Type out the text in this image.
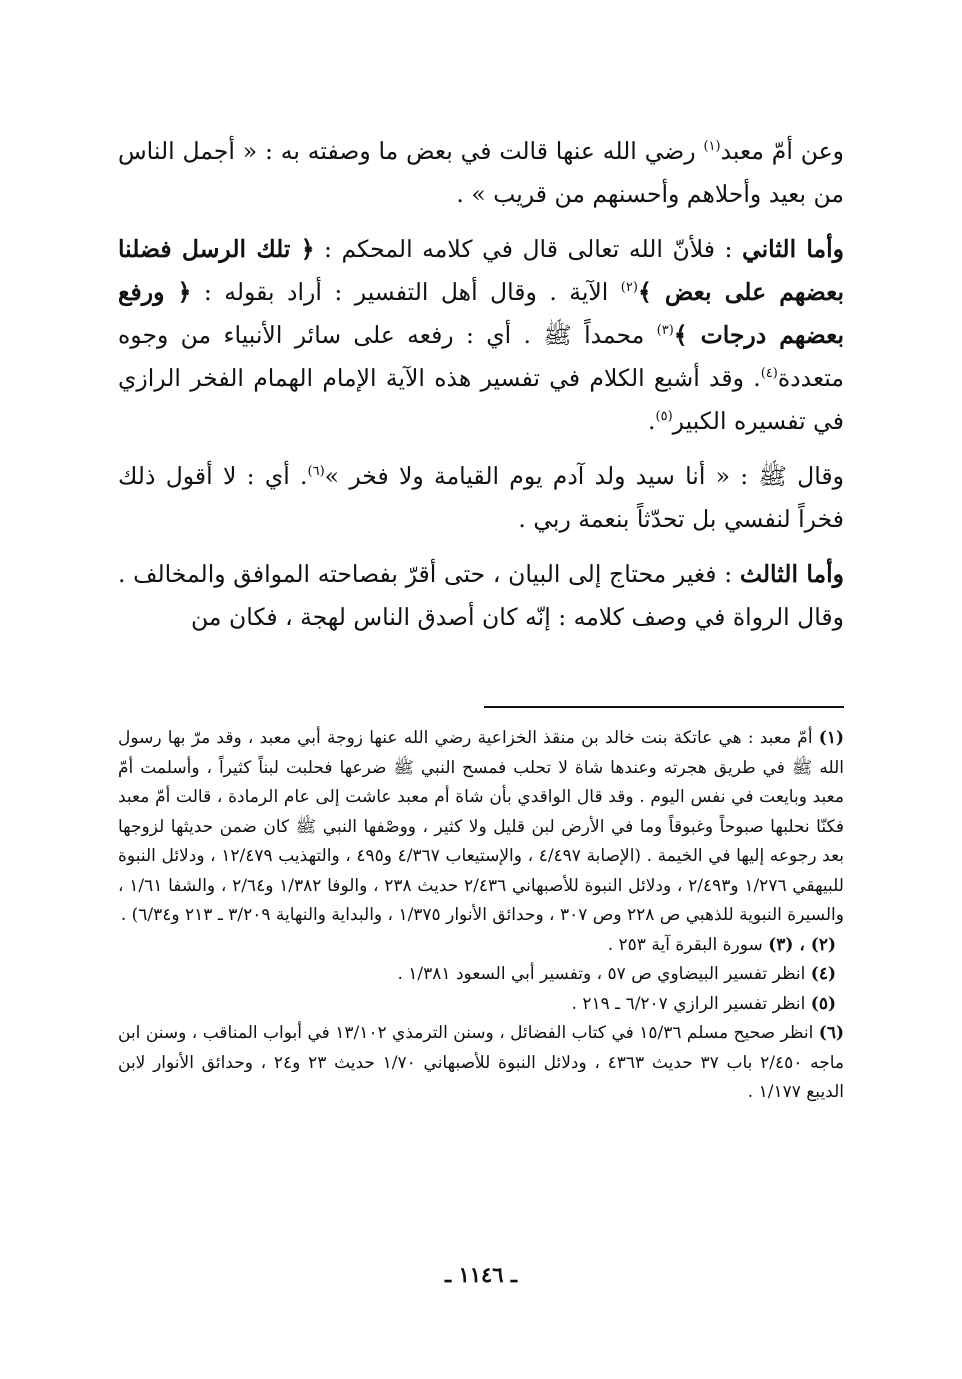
وعن أمّ معبد$^{(١)}$ رضي الله عنها قالت في بعض ما وصفته به : « أجمل الناس من بعيد وأحلاهم وأحسنهم من قريب » .

وأما الثاني : فلأنّ الله تعالى قال في كلامه المحكم : ﴿ تلك الرسل فضلنا بعضهم على بعض ﴾$^{(٢)}$ الآية . وقال أهل التفسير : أراد بقوله : ﴿ ورفع بعضهم درجات ﴾$^{(٣)}$ محمداً ﷺ . أي : رفعه على سائر الأنبياء من وجوه متعددة$^{(٤)}$. وقد أشبع الكلام في تفسير هذه الآية الإمام الهمام الفخر الرازي في تفسيره الكبير$^{(٥)}$.

وقال ﷺ : « أنا سيد ولد آدم يوم القيامة ولا فخر »$^{(٦)}$. أي : لا أقول ذلك فخراً لنفسي بل تحدّثاً بنعمة ربي .

وأما الثالث : فغير محتاج إلى البيان ، حتى أقرّ بفصاحته الموافق والمخالف . وقال الرواة في وصف كلامه : إنّه كان أصدق الناس لهجة ، فكان من

(١) أمّ معبد : هي عاتكة بنت خالد بن منقذ الخزاعية رضي الله عنها زوجة أبي معبد ، وقد مرّ بها رسول الله ﷺ في طريق هجرته وعندها شاة لا تحلب فمسح النبي ﷺ ضرعها فحلبت لبناً كثيراً ، وأسلمت أمّ معبد وبايعت في نفس اليوم . وقد قال الواقدي بأن شاة أم معبد عاشت إلى عام الرمادة ، قالت أمّ معبد فكنّا نحلبها صبوحاً وغبوقاً وما في الأرض لبن قليل ولا كثير ، ووصْفها النبي ﷺ كان ضمن حديثها لزوجها بعد رجوعه إليها في الخيمة . (الإصابة ٤/٤٩٧ ، والإستيعاب ٤/٣٦٧ و٤٩٥ ، والتهذيب ١٢/٤٧٩ ، ودلائل النبوة للبيهقي ١/٢٧٦ و٢/٤٩٣ ، ودلائل النبوة للأصبهاني ٢/٤٣٦ حديث ٢٣٨ ، والوفا ١/٣٨٢ و٢/٦٤ ، والشفا ١/٦١ ، والسيرة النبوية للذهبي ص ٢٢٨ وص ٣٠٧ ، وحدائق الأنوار ١/٣٧٥ ، والبداية والنهاية ٣/٢٠٩ ـ ٢١٣ و٦/٣٤) .

(٢) ، (٣) سورة البقرة آية ٢٥٣ .

(٤) انظر تفسير البيضاوي ص ٥٧ ، وتفسير أبي السعود ١/٣٨١ .

(٥) انظر تفسير الرازي ٦/٢٠٧ ـ ٢١٩ .

(٦) انظر صحيح مسلم ١٥/٣٦ في كتاب الفضائل ، وسنن الترمذي ١٣/١٠٢ في أبواب المناقب ، وسنن ابن ماجه ٢/٤٥٠ باب ٣٧ حديث ٤٣٦٣ ، ودلائل النبوة للأصبهاني ١/٧٠ حديث ٢٣ و٢٤ ، وحدائق الأنوار لابن الديبع ١/١٧٧ .

ـ ١١٤٦ ـ
